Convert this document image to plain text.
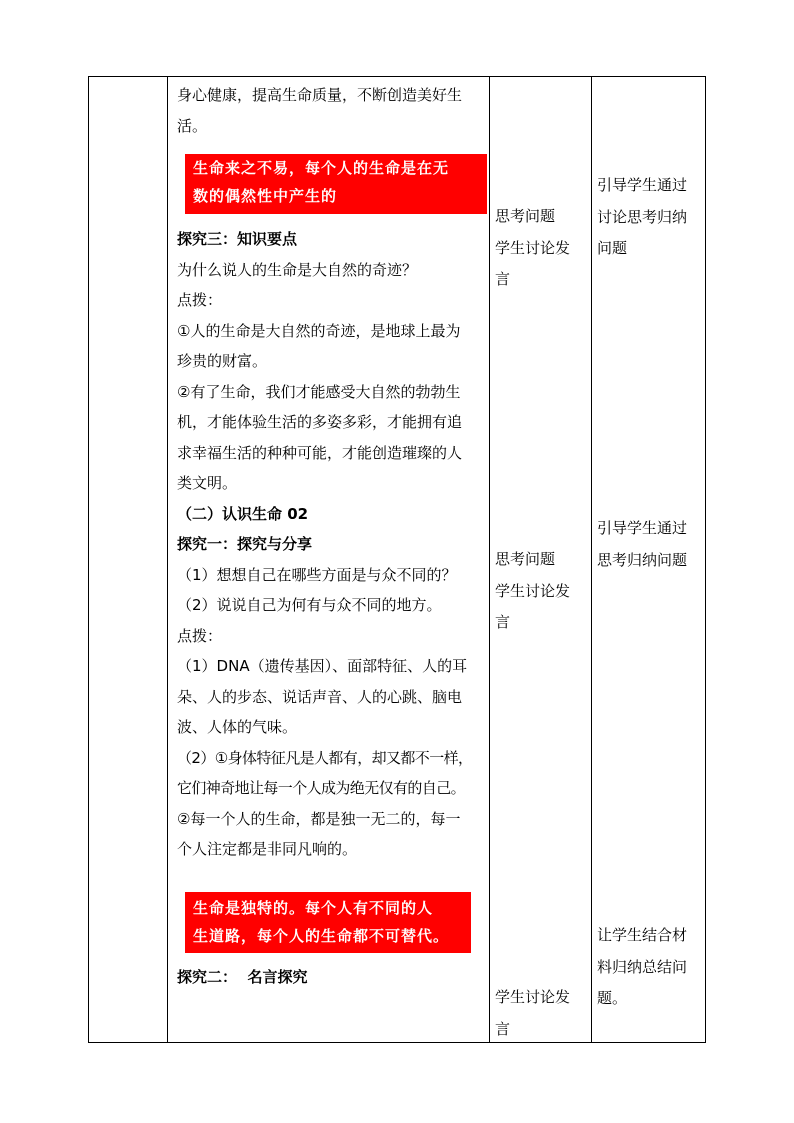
身心健康，提高生命质量，不断创造美好生

活。

生命来之不易，每个人的生命是在无

数的偶然性中产生的

探究三：知识要点

为什么说人的生命是大自然的奇迹？

点拨：

①人的生命是大自然的奇迹，是地球上最为

珍贵的财富。

②有了生命，我们才能感受大自然的勃勃生

机，才能体验生活的多姿多彩，才能拥有追

求幸福生活的种种可能，才能创造璀璨的人

类文明。

（二）认识生命 02

探究一：探究与分享

（1）想想自己在哪些方面是与众不同的？

（2）说说自己为何有与众不同的地方。

点拨：

（1）DNA（遗传基因）、面部特征、人的耳

朵、人的步态、说话声音、人的心跳、脑电

波、人体的气味。

（2）①身体特征凡是人都有，却又都不一样，

它们神奇地让每一个人成为绝无仅有的自己。

②每一个人的生命，都是独一无二的，每一

个人注定都是非同凡响的。

生命是独特的。每个人有不同的人

生道路，每个人的生命都不可替代。

探究二：  名言探究

思考问题

学生讨论发

言

思考问题

学生讨论发

言

学生讨论发

言

引导学生通过

讨论思考归纳

问题

引导学生通过

思考归纳问题

让学生结合材

料归纳总结问

题。
